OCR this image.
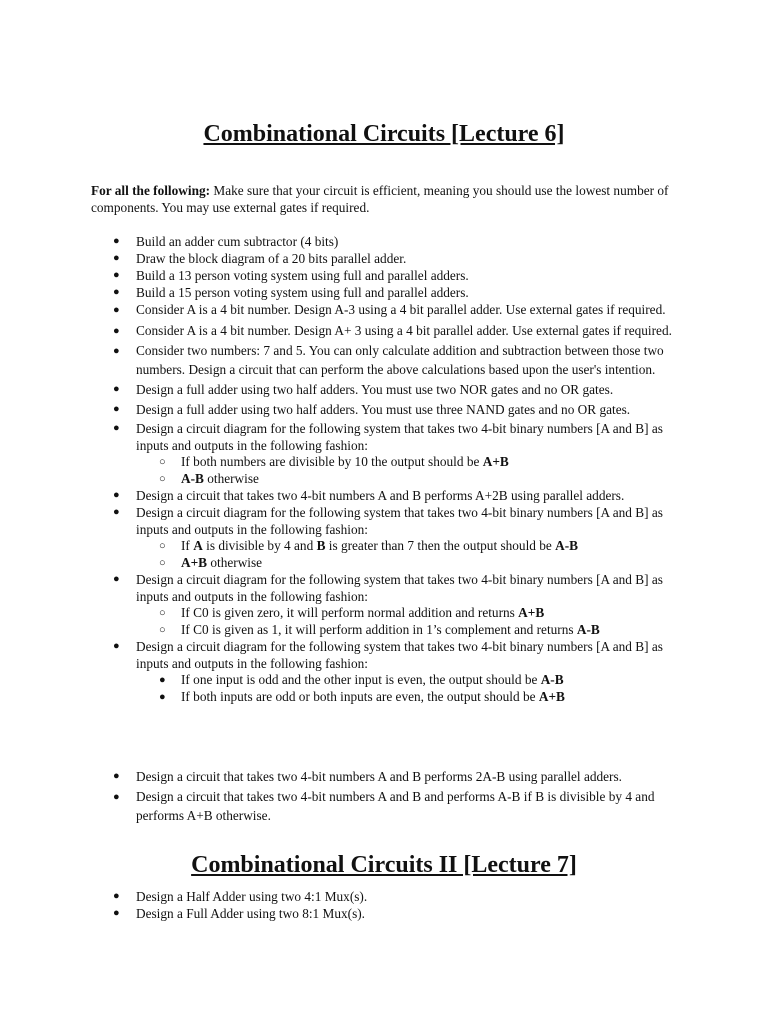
Combinational Circuits [Lecture 6]

For all the following: Make sure that your circuit is efficient, meaning you should use the lowest number of components. You may use external gates if required.

● Build an adder cum subtractor (4 bits)
● Draw the block diagram of a 20 bits parallel adder.
● Build a 13 person voting system using full and parallel adders.
● Build a 15 person voting system using full and parallel adders.
● Consider A is a 4 bit number. Design A-3 using a 4 bit parallel adder. Use external gates if required.
● Consider A is a 4 bit number. Design A+ 3 using a 4 bit parallel adder. Use external gates if required.
● Consider two numbers: 7 and 5. You can only calculate addition and subtraction between those two numbers. Design a circuit that can perform the above calculations based upon the user's intention.
● Design a full adder using two half adders. You must use two NOR gates and no OR gates.
● Design a full adder using two half adders. You must use three NAND gates and no OR gates.
● Design a circuit diagram for the following system that takes two 4-bit binary numbers [A and B] as inputs and outputs in the following fashion:
○ If both numbers are divisible by 10 the output should be A+B
○ A-B otherwise
● Design a circuit that takes two 4-bit numbers A and B performs A+2B using parallel adders.
● Design a circuit diagram for the following system that takes two 4-bit binary numbers [A and B] as inputs and outputs in the following fashion:
○ If A is divisible by 4 and B is greater than 7 then the output should be A-B
○ A+B otherwise
● Design a circuit diagram for the following system that takes two 4-bit binary numbers [A and B] as inputs and outputs in the following fashion:
○ If C0 is given zero, it will perform normal addition and returns A+B
○ If C0 is given as 1, it will perform addition in 1’s complement and returns A-B
● Design a circuit diagram for the following system that takes two 4-bit binary numbers [A and B] as inputs and outputs in the following fashion:
● If one input is odd and the other input is even, the output should be A-B
● If both inputs are odd or both inputs are even, the output should be A+B
● Design a circuit that takes two 4-bit numbers A and B performs 2A-B using parallel adders.
● Design a circuit that takes two 4-bit numbers A and B and performs A-B if B is divisible by 4 and performs A+B otherwise.
Combinational Circuits II [Lecture 7]
● Design a Half Adder using two 4:1 Mux(s).
● Design a Full Adder using two 8:1 Mux(s).
